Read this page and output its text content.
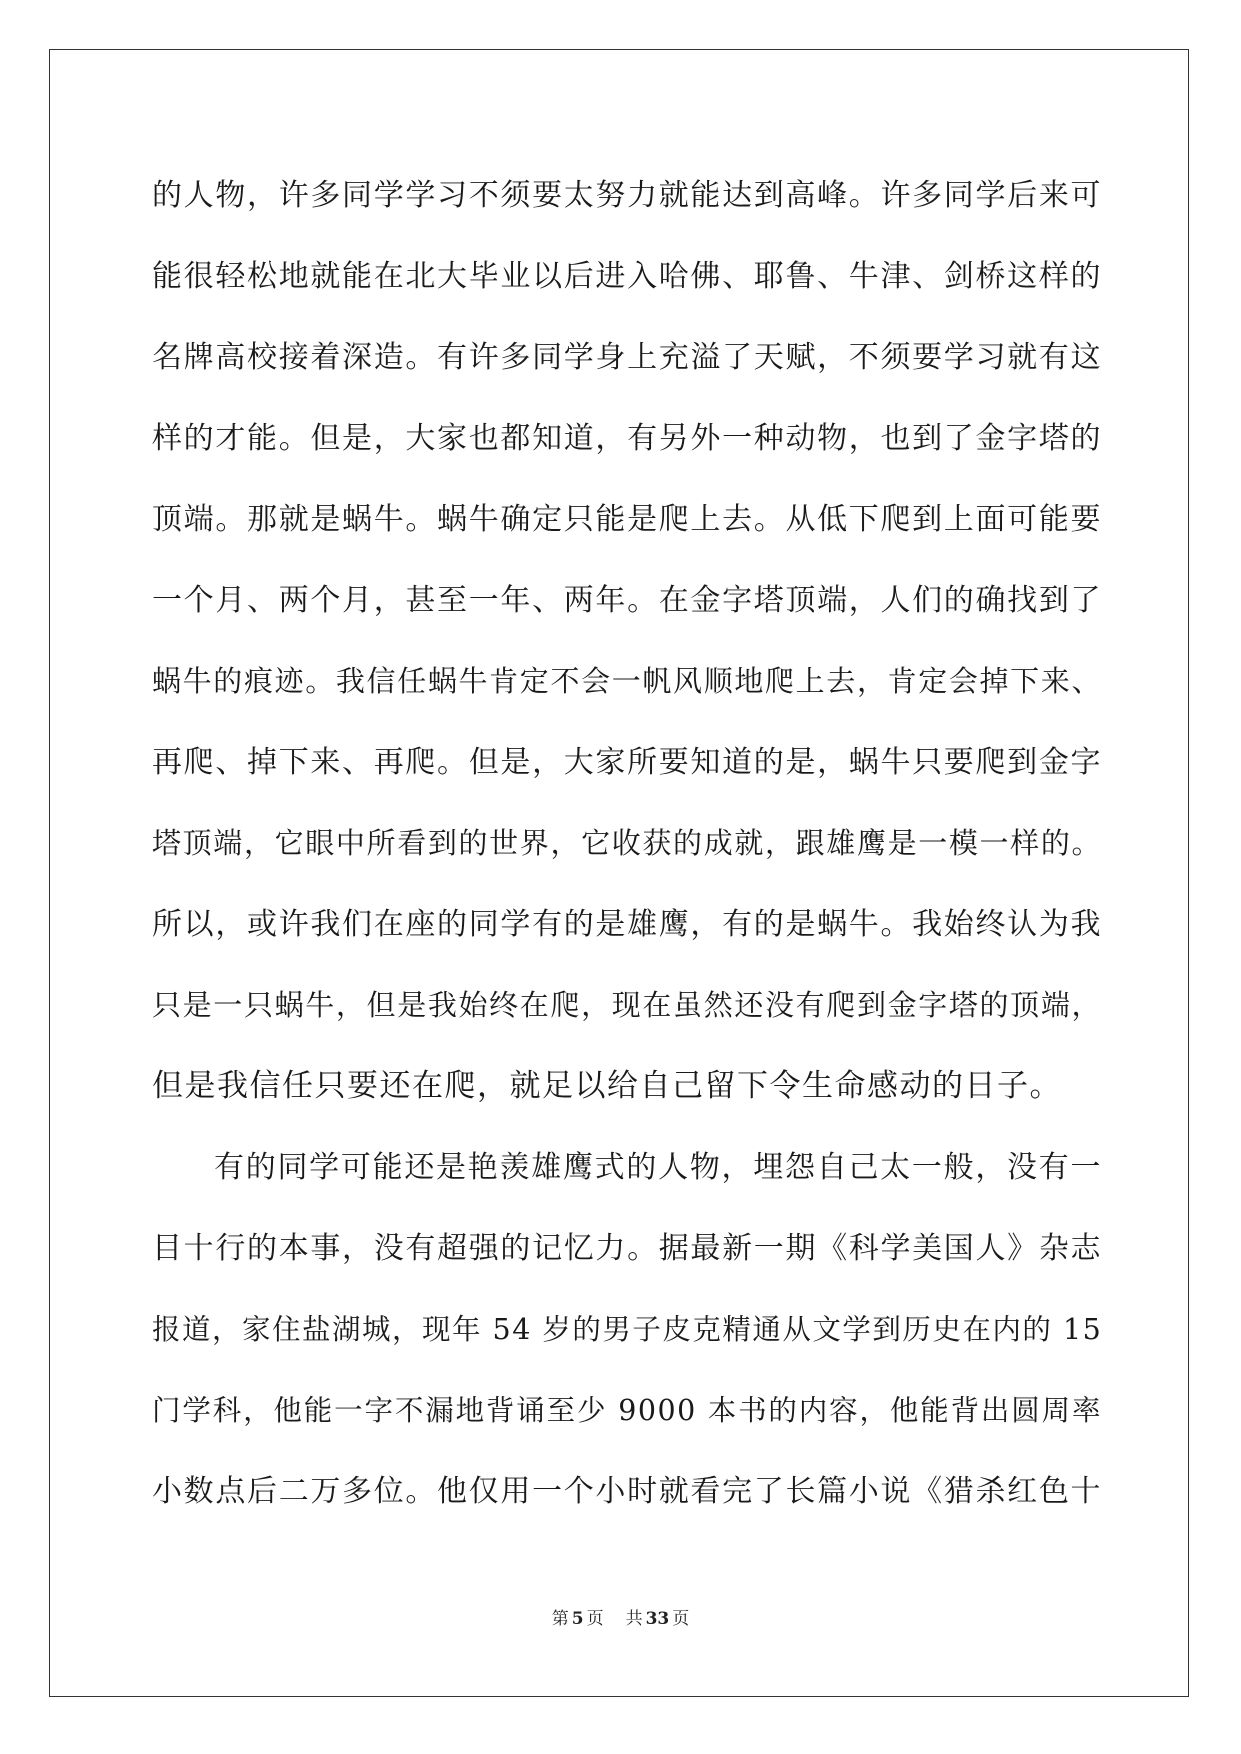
的人物，许多同学学习不须要太努力就能达到高峰。许多同学后来可
能很轻松地就能在北大毕业以后进入哈佛、耶鲁、牛津、剑桥这样的
名牌高校接着深造。有许多同学身上充溢了天赋，不须要学习就有这
样的才能。但是，大家也都知道，有另外一种动物，也到了金字塔的
顶端。那就是蜗牛。蜗牛确定只能是爬上去。从低下爬到上面可能要
一个月、两个月，甚至一年、两年。在金字塔顶端，人们的确找到了
蜗牛的痕迹。我信任蜗牛肯定不会一帆风顺地爬上去，肯定会掉下来、
再爬、掉下来、再爬。但是，大家所要知道的是，蜗牛只要爬到金字
塔顶端，它眼中所看到的世界，它收获的成就，跟雄鹰是一模一样的。
所以，或许我们在座的同学有的是雄鹰，有的是蜗牛。我始终认为我
只是一只蜗牛，但是我始终在爬，现在虽然还没有爬到金字塔的顶端，
但是我信任只要还在爬，就足以给自己留下令生命感动的日子。
有的同学可能还是艳羡雄鹰式的人物，埋怨自己太一般，没有一
目十行的本事，没有超强的记忆力。据最新一期《科学美国人》杂志
报道，家住盐湖城，现年 54 岁的男子皮克精通从文学到历史在内的 15
门学科，他能一字不漏地背诵至少 9000 本书的内容，他能背出圆周率
小数点后二万多位。他仅用一个小时就看完了长篇小说《猎杀红色十
第 5 页 共 33 页
